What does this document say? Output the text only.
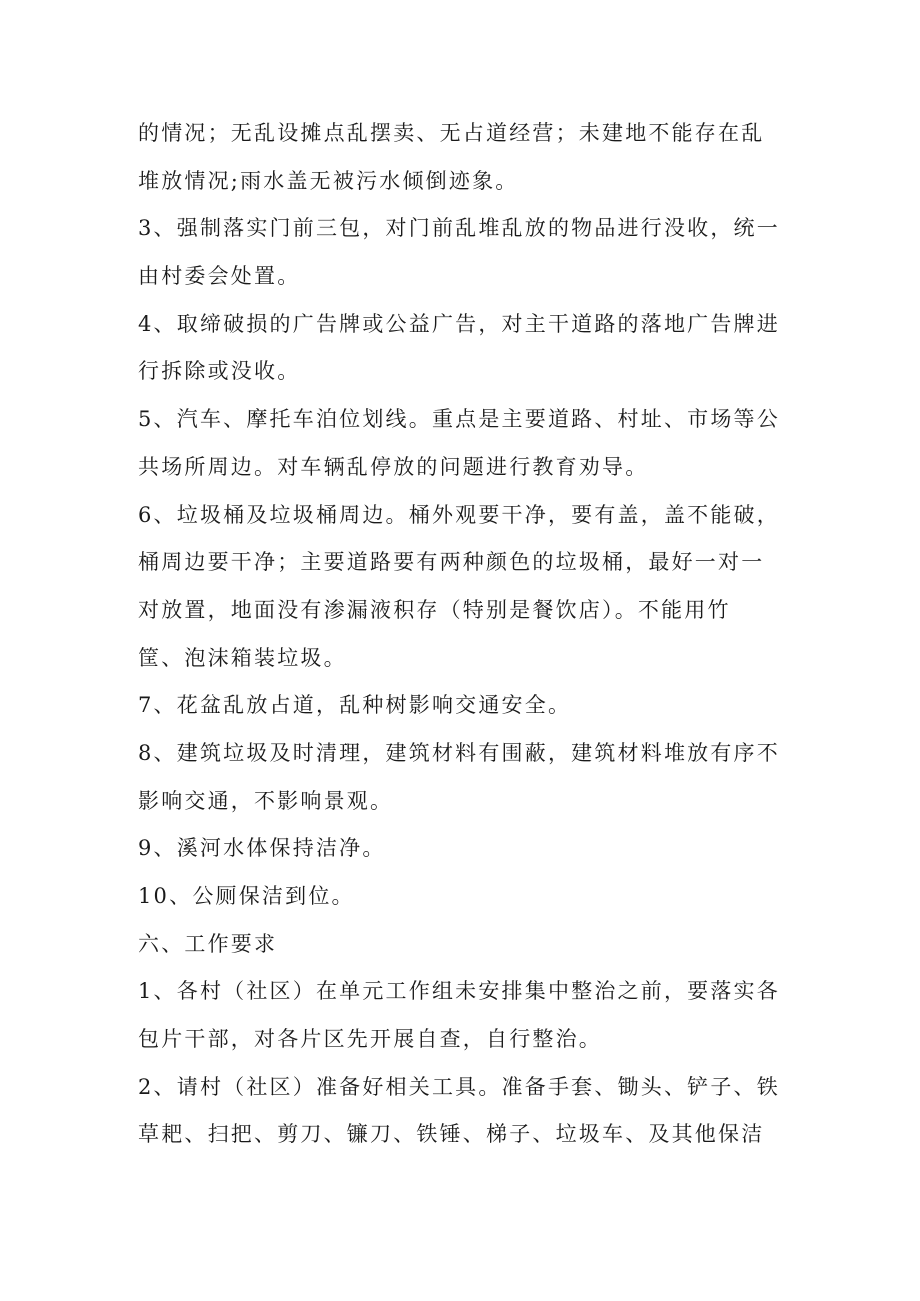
的情况；无乱设摊点乱摆卖、无占道经营；未建地不能存在乱
堆放情况;雨水盖无被污水倾倒迹象。
3、强制落实门前三包，对门前乱堆乱放的物品进行没收，统一
由村委会处置。
4、取缔破损的广告牌或公益广告，对主干道路的落地广告牌进
行拆除或没收。
5、汽车、摩托车泊位划线。重点是主要道路、村址、市场等公
共场所周边。对车辆乱停放的问题进行教育劝导。
6、垃圾桶及垃圾桶周边。桶外观要干净，要有盖，盖不能破，
桶周边要干净；主要道路要有两种颜色的垃圾桶，最好一对一
对放置，地面没有渗漏液积存（特别是餐饮店）。不能用竹
筐、泡沫箱装垃圾。
7、花盆乱放占道，乱种树影响交通安全。
8、建筑垃圾及时清理，建筑材料有围蔽，建筑材料堆放有序不
影响交通，不影响景观。
9、溪河水体保持洁净。
10、公厕保洁到位。
六、工作要求
1、各村（社区）在单元工作组未安排集中整治之前，要落实各
包片干部，对各片区先开展自查，自行整治。
2、请村（社区）准备好相关工具。准备手套、锄头、铲子、铁
草耙、扫把、剪刀、镰刀、铁锤、梯子、垃圾车、及其他保洁
